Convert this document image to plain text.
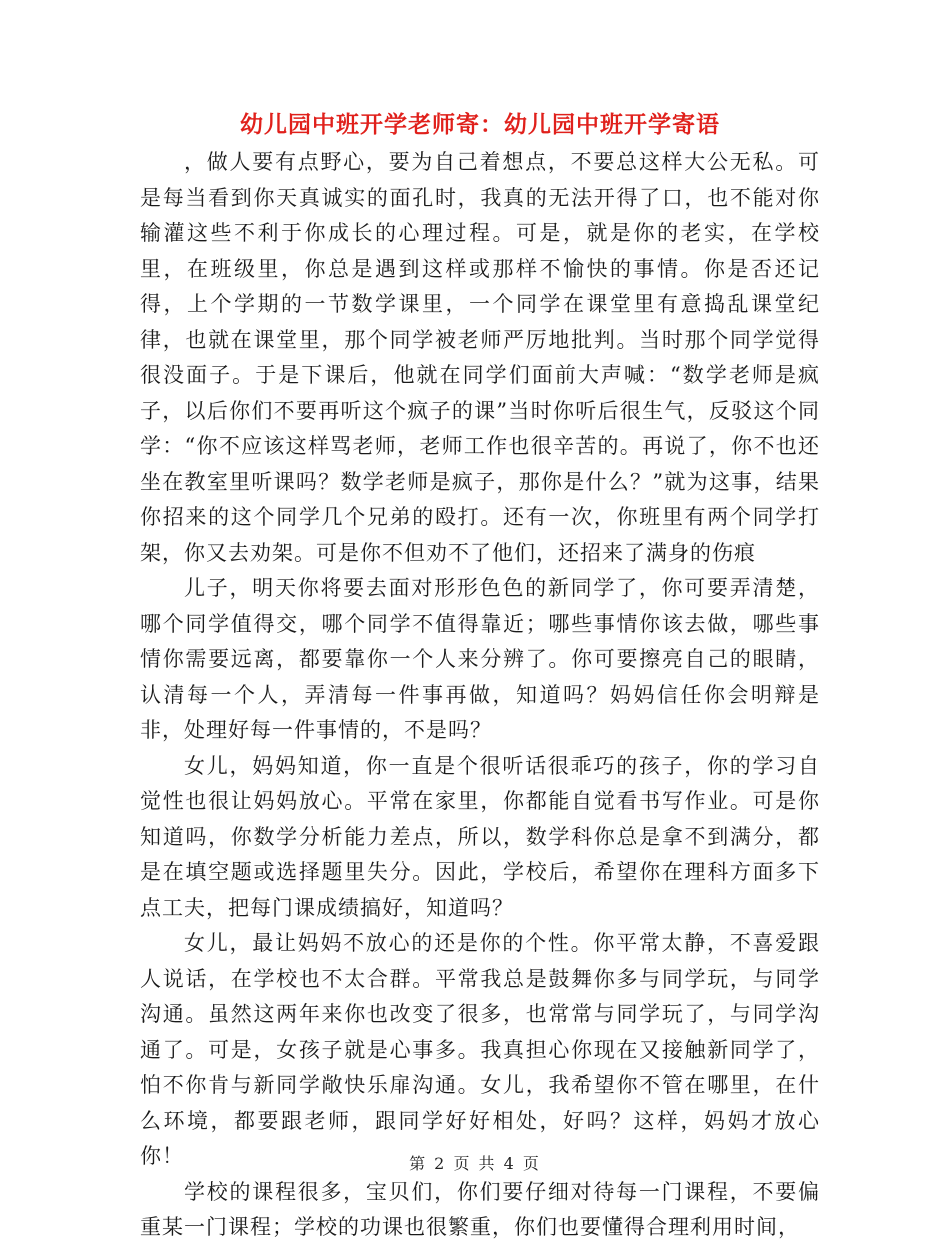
幼儿园中班开学老师寄：幼儿园中班开学寄语

，做人要有点野心，要为自己着想点，不要总这样大公无私。可是每当看到你天真诚实的面孔时，我真的无法开得了口，也不能对你输灌这些不利于你成长的心理过程。可是，就是你的老实，在学校里，在班级里，你总是遇到这样或那样不愉快的事情。你是否还记得，上个学期的一节数学课里，一个同学在课堂里有意捣乱课堂纪律，也就在课堂里，那个同学被老师严厉地批判。当时那个同学觉得很没面子。于是下课后，他就在同学们面前大声喊：“数学老师是疯子，以后你们不要再听这个疯子的课”当时你听后很生气，反驳这个同学：“你不应该这样骂老师，老师工作也很辛苦的。再说了，你不也还坐在教室里听课吗？数学老师是疯子，那你是什么？”就为这事，结果你招来的这个同学几个兄弟的殴打。还有一次，你班里有两个同学打架，你又去劝架。可是你不但劝不了他们，还招来了满身的伤痕

儿子，明天你将要去面对形形色色的新同学了，你可要弄清楚，哪个同学值得交，哪个同学不值得靠近；哪些事情你该去做，哪些事情你需要远离，都要靠你一个人来分辨了。你可要擦亮自己的眼睛，认清每一个人，弄清每一件事再做，知道吗？妈妈信任你会明辩是非，处理好每一件事情的，不是吗？

女儿，妈妈知道，你一直是个很听话很乖巧的孩子，你的学习自觉性也很让妈妈放心。平常在家里，你都能自觉看书写作业。可是你知道吗，你数学分析能力差点，所以，数学科你总是拿不到满分，都是在填空题或选择题里失分。因此，学校后，希望你在理科方面多下点工夫，把每门课成绩搞好，知道吗？

女儿，最让妈妈不放心的还是你的个性。你平常太静，不喜爱跟人说话，在学校也不太合群。平常我总是鼓舞你多与同学玩，与同学沟通。虽然这两年来你也改变了很多，也常常与同学玩了，与同学沟通了。可是，女孩子就是心事多。我真担心你现在又接触新同学了，怕不你肯与新同学敞快乐扉沟通。女儿，我希望你不管在哪里，在什么环境，都要跟老师，跟同学好好相处，好吗？这样，妈妈才放心你！

学校的课程很多，宝贝们，你们要仔细对待每一门课程，不要偏重某一门课程；学校的功课也很繁重，你们也要懂得合理利用时间，

第 2 页 共 4 页
